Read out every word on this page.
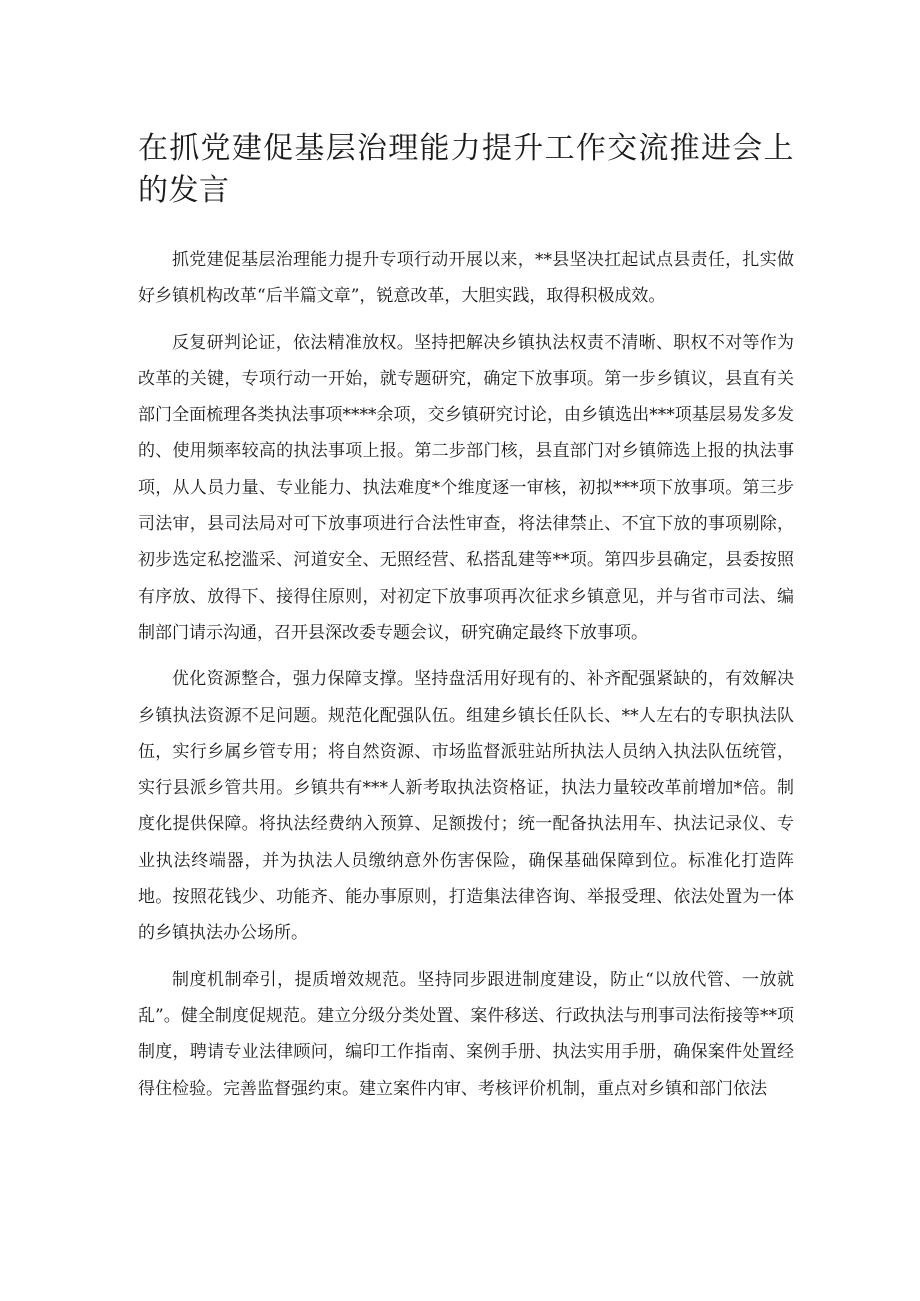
在抓党建促基层治理能力提升工作交流推进会上的发言

抓党建促基层治理能力提升专项行动开展以来，**县坚决扛起试点县责任，扎实做好乡镇机构改革“后半篇文章”，锐意改革，大胆实践，取得积极成效。

反复研判论证，依法精准放权。坚持把解决乡镇执法权责不清晰、职权不对等作为改革的关键，专项行动一开始，就专题研究，确定下放事项。第一步乡镇议，县直有关部门全面梳理各类执法事项****余项，交乡镇研究讨论，由乡镇选出***项基层易发多发的、使用频率较高的执法事项上报。第二步部门核，县直部门对乡镇筛选上报的执法事项，从人员力量、专业能力、执法难度*个维度逐一审核，初拟***项下放事项。第三步司法审，县司法局对可下放事项进行合法性审查，将法律禁止、不宜下放的事项剔除，初步选定私挖滥采、河道安全、无照经营、私搭乱建等**项。第四步县确定，县委按照有序放、放得下、接得住原则，对初定下放事项再次征求乡镇意见，并与省市司法、编制部门请示沟通，召开县深改委专题会议，研究确定最终下放事项。

优化资源整合，强力保障支撑。坚持盘活用好现有的、补齐配强紧缺的，有效解决乡镇执法资源不足问题。规范化配强队伍。组建乡镇长任队长、**人左右的专职执法队伍，实行乡属乡管专用；将自然资源、市场监督派驻站所执法人员纳入执法队伍统管，实行县派乡管共用。乡镇共有***人新考取执法资格证，执法力量较改革前增加*倍。制度化提供保障。将执法经费纳入预算、足额拨付；统一配备执法用车、执法记录仪、专业执法终端器，并为执法人员缴纳意外伤害保险，确保基础保障到位。标准化打造阵地。按照花钱少、功能齐、能办事原则，打造集法律咨询、举报受理、依法处置为一体的乡镇执法办公场所。

制度机制牵引，提质增效规范。坚持同步跟进制度建设，防止“以放代管、一放就乱”。健全制度促规范。建立分级分类处置、案件移送、行政执法与刑事司法衔接等**项制度，聘请专业法律顾问，编印工作指南、案例手册、执法实用手册，确保案件处置经得住检验。完善监督强约束。建立案件内审、考核评价机制，重点对乡镇和部门依法
